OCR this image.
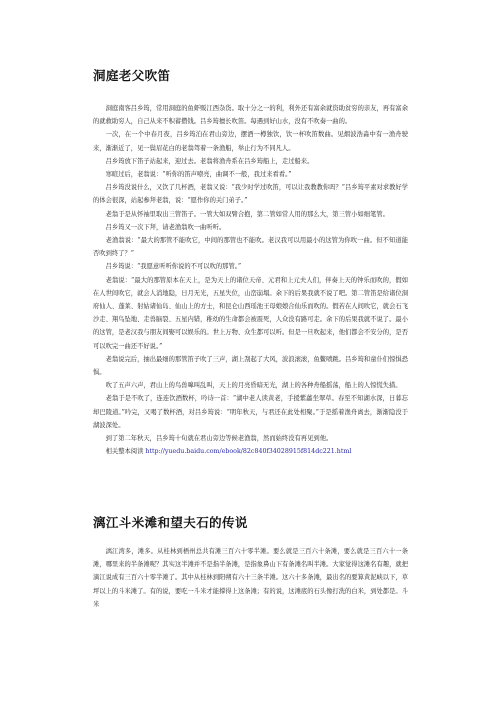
洞庭老父吹笛

洞庭南客吕乡筠，常用洞庭的鱼虾贩江西杂货。取十分之一的利，利外还有富余就资助贫穷的亲友，再有富余的就救助穷人，自己从来不积蓄攒钱。吕乡筠擅长吹笛。每遇到好山水，没有不吹奏一曲的。

一次，在一个中春月夜，吕乡筠泊在君山旁边，摆酒一樽独饮，饮一杯吹笛数曲。见烟波浩淼中有一渔舟驶来，渐渐近了，见一鬓眉花白的老翁驾着一条渔船，举止行为不同凡人。

吕乡筠放下笛子站起来，迎过去。老翁将渔舟系在吕乡筠船上，走过船来。

寒暄过后，老翁说：“听你的笛声嘹亮，曲调不一般，我过来看看。”

吕乡筠没说什么，又饮了几杯酒，老翁又说：“我少时学过吹笛，可以让我教教你吗？”吕乡筠平素对求教好学的体会很深，站起参拜老翁，说：“愿作你的关门弟子。”

老翁于是从怀袖里取出三管笛子。一管大如双臂合抱，第二管如常人用的那么大，第三管小如细笔管。

吕乡筠又一次下拜，请老渔翁吹一曲听听。

老渔翁说：“最大的那管不能吹它，中间的那管也不能吹。老汉我可以用最小的这管为你吹一曲。但不知道能否吹到终了？”

吕乡筠说：“我愿意听听你说的不可以吹的那管。”

老翁说：“最大的那管原本在天上，是为天上的诸位天帝、元君和上元夫人们，伴奏上天的钟乐而吹的，假如在人世间吹它，就会人消地隐，日月无光，五星失位，山峦崩塌。余下的后果我就不说了吧。第二管笛是给诸位洞府仙人、蓬莱、射姑诸仙岛、仙山上的方士，和昆仑山西瑶池王母娘娘合仙乐而吹的。假若在人间吹它，就会石飞沙走、翔鸟坠地、走兽脑裂、五星内错，稚幼的生命都会被震死，人众没有路可走。余下的后果我就不说了。最小的这管，是老汉我与朋友间娶可以娱乐的。世上万物、众生都可以听。但是一旦吹起来，他们都会不安分的，是否可以吹完一曲还不好说。”

老翁说完后，抽出最细的那管笛子吹了三声，湖上刮起了大风，波浪滚滚，鱼鳖喷跳。吕乡筠和童仆们惊惧恐惧。

吹了五声六声，君山上的鸟兽嗥叫乱叫，天上的月亮昏暗无光，湖上的各种舟船摇荡，船上的人惊慌失措。

老翁于是不吹了，连连饮酒数杯，吟诗一首：“湖中老人读黄老，手援紫藟坐翠草。春至不知湖水深，日暮忘却巴陵道。”吟完，又喝了数杯酒，对吕乡筠说：“明年秋天，与君还在此处相聚。”于是摇着渔舟离去，渐渐隐没于湖波深处。

到了第二年秋天，吕乡筠十旬就在君山旁边等候老渔翁，然而始终没有再见到他。

相关整本阅读 http://yuedu.baidu.com/ebook/82c840f34028915f814dc221.html

漓江斗米滩和望夫石的传说

漓江湾多，滩多。从桂林到梧州总共有滩三百六十零半滩。要么就是三百六十条滩，要么就是三百六十一条滩，哪里来的半条滩呢？其实这半滩并不是指半条滩，是指象鼻山下有条滩名叫半滩。大家觉得这滩名有趣，就把滴江说成有三百六十零半滩了。其中从桂林到阳朔有六十三条半滩。这六十多条滩，最出名的要算黄泥峡以下，草坪以上的斗米滩了。有的说，要吃一斗米才能撑得上这条滩；有的说，这滩底的石头像打洗的白米，到处都是。斗米
